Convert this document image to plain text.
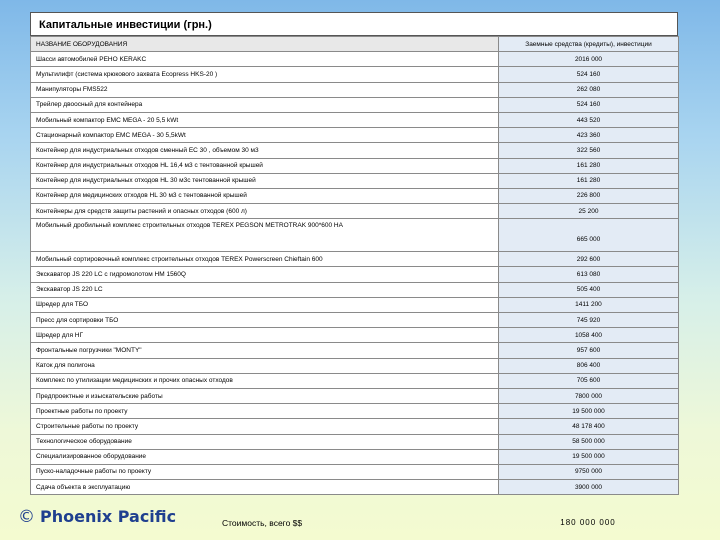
Капитальные инвестиции (грн.)
НАЗВАНИЕ ОБОРУДОВАНИЯ	Заемные средства (кредиты), инвестиции
Шасси автомобилей РЕНО KERAKС	2016 000
Мультилифт (система крюкового захвата Ecopress HKS-20 )	524 160
Манипуляторы FMS522	262 080
Трейлер двоосный для контейнера	524 160
Мобильный компактор EMC MEGA - 20 5,5 kWt	443 520
Стационарный компактор EMC MEGA - 30 5,5kWt	423 360
Контейнер для индустриальных отходов сменный EC 30 , объемом 30 м3	322 560
Контейнер для индустриальных отходов HL 16,4 м3 с тентованной крышей	161 280
Контейнер для индустриальных отходов HL 30 м3с тентованной крышей	161 280
Контейнер для медицинских отходов HL 30 м3 с тентованной крышей	226 800
Контейнеры для средств защиты растений и опасных отходов (600 л)	25 200
Мобильный дробильный комплекс строительных отходов TEREX PEGSON METROTRAK 900*600 HA	665 000
Мобильный сортировочный комплекс строительных отходов TEREX Powerscreen Chieftain 600	292 600
Экскаватор JS 220 LC с гидромолотом HM 1560Q	613 080
Экскаватор JS 220 LC	505 400
Шредер для ТБО	1411 200
Пресс для сортировки ТБО	745 920
Шредер для НГ	1058 400
Фронтальные погрузчики "MONTY"	957 600
Каток для полигона	806 400
Комплекс по утилизации медицинских и прочих опасных отходов	705 600
Предпроектные и изыскательские работы	7800 000
Проектные работы по проекту	19 500 000
Строительные работы по проекту	48 178 400
Технологическое оборудование	58 500 000
Специализированное оборудование	19 500 000
Пуско-наладочные работы по проекту	9750 000
Сдача объекта в эксплуатацию	3900 000
© Phoenix Pacific	Стоимость, всего $$	180 000 000
